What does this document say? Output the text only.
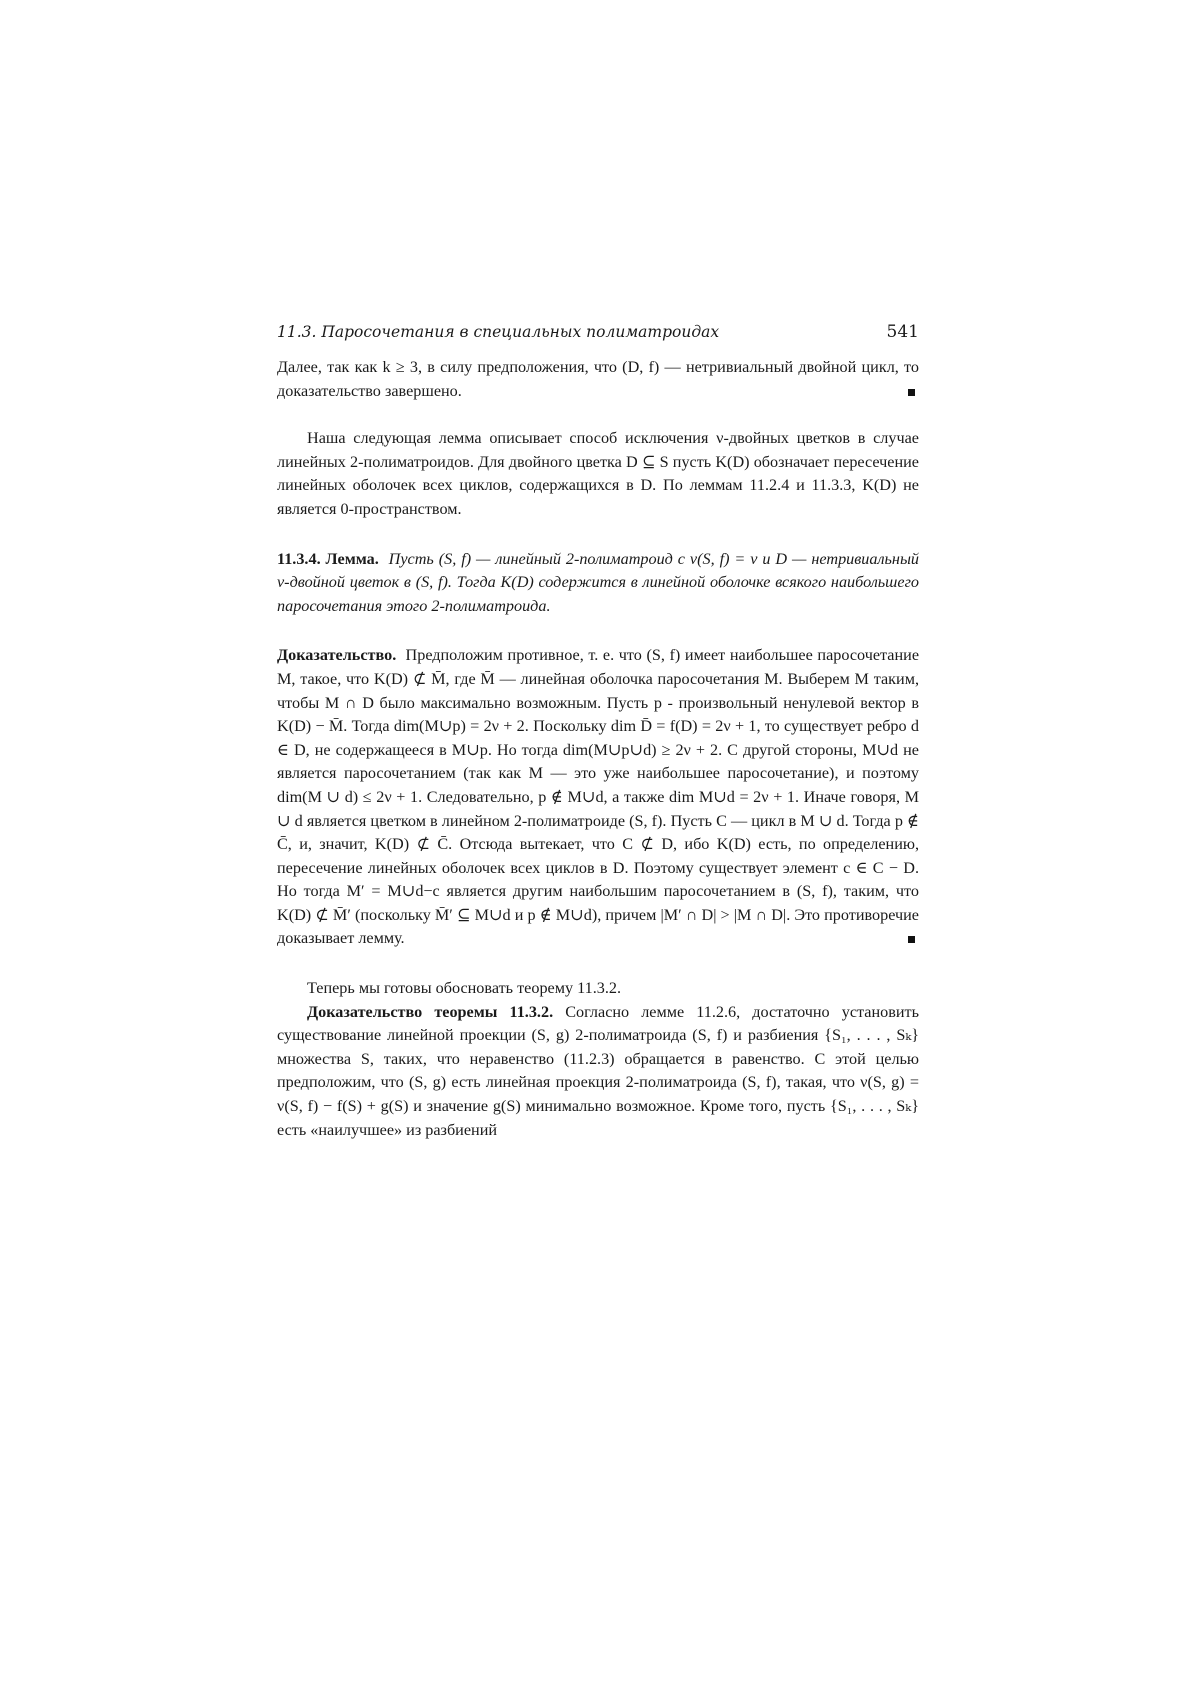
11.3. Паросочетания в специальных полиматроидах	541

Далее, так как k ≥ 3, в силу предположения, что (D, f) — нетривиальный двойной цикл, то доказательство завершено.

Наша следующая лемма описывает способ исключения ν-двойных цветков в случае линейных 2-полиматроидов. Для двойного цветка D ⊆ S пусть K(D) обозначает пересечение линейных оболочек всех циклов, содержащихся в D. По леммам 11.2.4 и 11.3.3, K(D) не является 0-пространством.

11.3.4. Лемма. Пусть (S, f) — линейный 2-полиматроид с ν(S, f) = ν и D — нетривиальный ν-двойной цветок в (S, f). Тогда K(D) содержится в линейной оболочке всякого наибольшего паросочетания этого 2-полиматроида.

Доказательство. Предположим противное, т. е. что (S, f) имеет наибольшее паросочетание M, такое, что K(D) ⊄ M̄, где M̄ — линейная оболочка паросочетания M. Выберем M таким, чтобы M ∩ D было максимально возможным. Пусть p - произвольный ненулевой вектор в K(D) − M̄. Тогда dim(M∪p) = 2ν + 2. Поскольку dim D̄ = f(D) = 2ν + 1, то существует ребро d ∈ D, не содержащееся в M∪p. Но тогда dim(M∪p∪d) ≥ 2ν + 2. С другой стороны, M∪d не является паросочетанием (так как M — это уже наибольшее паросочетание), и поэтому dim(M ∪ d) ≤ 2ν + 1. Следовательно, p ∉ M∪d, а также dim M∪d = 2ν + 1. Иначе говоря, M ∪ d является цветком в линейном 2-полиматроиде (S, f). Пусть C — цикл в M ∪ d. Тогда p ∉ C̄, и, значит, K(D) ⊄ C̄. Отсюда вытекает, что C ⊄ D, ибо K(D) есть, по определению, пересечение линейных оболочек всех циклов в D. Поэтому существует элемент c ∈ C − D. Но тогда M′ = M∪d−c является другим наибольшим паросочетанием в (S, f), таким, что K(D) ⊄ M̄′ (поскольку M̄′ ⊆ M∪d и p ∉ M∪d), причем |M′ ∩ D| > |M ∩ D|. Это противоречие доказывает лемму.

Теперь мы готовы обосновать теорему 11.3.2.

Доказательство теоремы 11.3.2. Согласно лемме 11.2.6, достаточно установить существование линейной проекции (S, g) 2-полиматроида (S, f) и разбиения {S₁, . . . , Sₖ} множества S, таких, что неравенство (11.2.3) обращается в равенство. С этой целью предположим, что (S, g) есть линейная проекция 2-полиматроида (S, f), такая, что ν(S, g) = ν(S, f) − f(S) + g(S) и значение g(S) минимально возможное. Кроме того, пусть {S₁, . . . , Sₖ} есть «наилучшее» из разбиений
